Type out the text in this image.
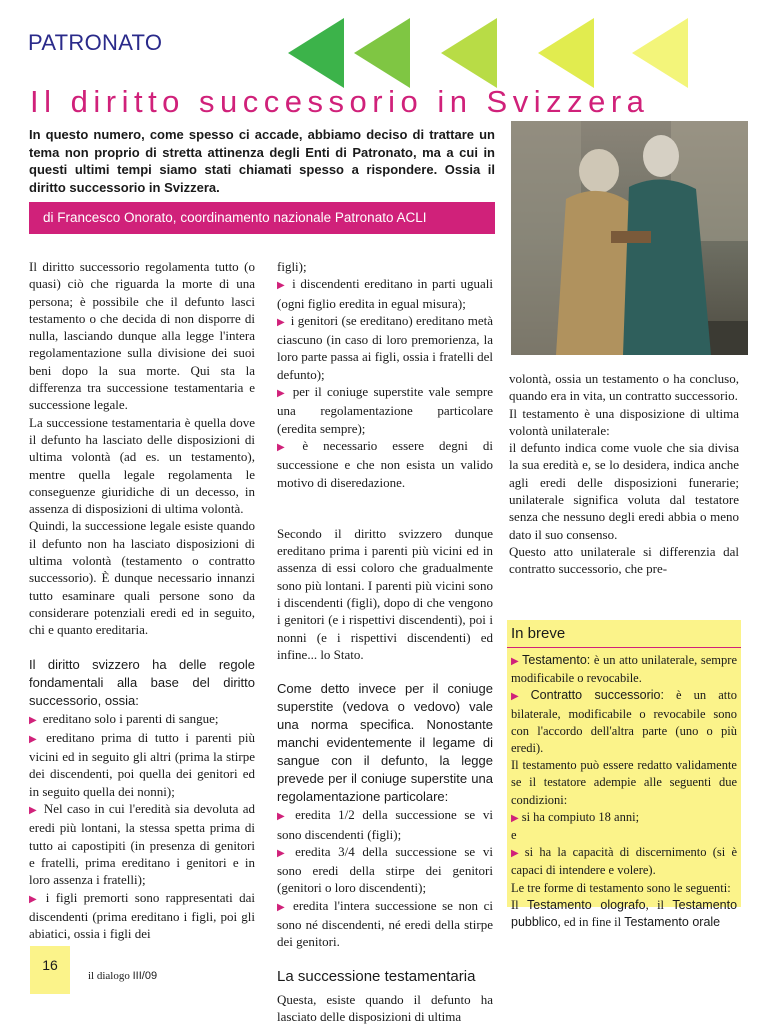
PATRONATO
Il diritto successorio in Svizzera
In questo numero, come spesso ci accade, abbiamo deciso di trattare un tema non proprio di stretta attinenza degli Enti di Patronato, ma a cui in questi ultimi tempi siamo stati chiamati spesso a rispondere. Ossia il diritto successorio in Svizzera.
di Francesco Onorato, coordinamento nazionale Patronato ACLI

Il diritto successorio regolamenta tutto (o quasi) ciò che riguarda la morte di una persona; è possibile che il defunto lasci testamento o che decida di non disporre di nulla, lasciando dunque alla legge l'intera regolamentazione sulla divisione dei suoi beni dopo la sua morte. Qui sta la differenza tra successione testamentaria e successione legale.

La successione testamentaria è quella dove il defunto ha lasciato delle disposizioni di ultima volontà (ad es. un testamento), mentre quella legale regolamenta le conseguenze giuridiche di un decesso, in assenza di disposizioni di ultima volontà.

Quindi, la successione legale esiste quando il defunto non ha lasciato disposizioni di ultima volontà (testamento o contratto successorio). È dunque necessario innanzi tutto esaminare quali persone sono da considerare potenziali eredi ed in seguito, chi e quanto ereditaria.

Il diritto svizzero ha delle regole fondamentali alla base del diritto successorio, ossia:

▶ ereditano solo i parenti di sangue;

▶ ereditano prima di tutto i parenti più vicini ed in seguito gli altri (prima la stirpe dei discendenti, poi quella dei genitori ed in seguito quella dei nonni);

▶ Nel caso in cui l'eredità sia devoluta ad eredi più lontani, la stessa spetta prima di tutto ai capostipiti (in presenza di genitori e fratelli, prima ereditano i genitori e in loro assenza i fratelli);

▶ i figli premorti sono rappresentati dai discendenti (prima ereditano i figli, poi gli abiatici, ossia i figli dei

figli);

▶ i discendenti ereditano in parti uguali (ogni figlio eredita in egual misura);

▶ i genitori (se ereditano) ereditano metà ciascuno (in caso di loro premorienza, la loro parte passa ai figli, ossia i fratelli del defunto);

▶ per il coniuge superstite vale sempre una regolamentazione particolare (eredita sempre);

▶ è necessario essere degni di successione e che non esista un valido motivo di diseredazione.

Secondo il diritto svizzero dunque ereditano prima i parenti più vicini ed in assenza di essi coloro che gradualmente sono più lontani. I parenti più vicini sono i discendenti (figli), dopo di che vengono i genitori (e i rispettivi discendenti), poi i nonni (e i rispettivi discendenti) ed infine... lo Stato.

Come detto invece per il coniuge superstite (vedova o vedovo) vale una norma specifica. Nonostante manchi evidentemente il legame di sangue con il defunto, la legge prevede per il coniuge superstite una regolamentazione particolare:

▶ eredita 1/2 della successione se vi sono discendenti (figli);

▶ eredita 3/4 della successione se vi sono eredi della stirpe dei genitori (genitori o loro discendenti);

▶ eredita l'intera successione se non ci sono né discendenti, né eredi della stirpe dei genitori.

La successione testamentaria

Questa, esiste quando il defunto ha lasciato delle disposizioni di ultima

volontà, ossia un testamento o ha concluso, quando era in vita, un contratto successorio.

Il testamento è una disposizione di ultima volontà unilaterale:

il defunto indica come vuole che sia divisa la sua eredità e, se lo desidera, indica anche agli eredi delle disposizioni funerarie; unilaterale significa voluta dal testatore senza che nessuno degli eredi abbia o meno dato il suo consenso.

Questo atto unilaterale si differenzia dal contratto successorio, che pre-

In breve

▶ Testamento: è un atto unilaterale, sempre modificabile o revocabile.

▶ Contratto successorio: è un atto bilaterale, modificabile o revocabile sono con l'accordo dell'altra parte (uno o più eredi).

Il testamento può essere redatto validamente se il testatore adempie alle seguenti due condizioni:

▶ si ha compiuto 18 anni;

e

▶ si ha la capacità di discernimento (si è capaci di intendere e volere).

Le tre forme di testamento sono le seguenti:

Il Testamento olografo, il Testamento pubblico, ed in fine il Testamento orale

16
il dialogo III/09
